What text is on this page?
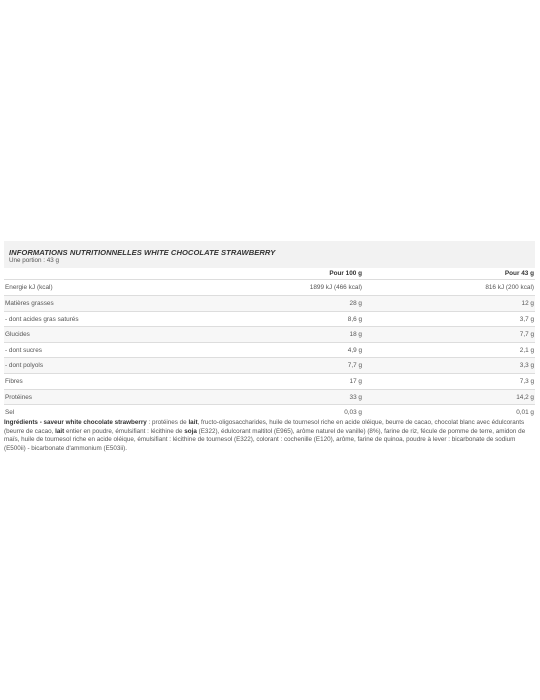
INFORMATIONS NUTRITIONNELLES WHITE CHOCOLATE STRAWBERRY
Une portion : 43 g
	Pour 100 g	Pour 43 g
Energie kJ (kcal)	1899 kJ (466 kcal)	816 kJ (200 kcal)
Matières grasses	28 g	12 g
- dont acides gras saturés	8,6 g	3,7 g
Glucides	18 g	7,7 g
- dont sucres	4,9 g	2,1 g
- dont polyols	7,7 g	3,3 g
Fibres	17 g	7,3 g
Protéines	33 g	14,2 g
Sel	0,03 g	0,01 g
Ingrédients - saveur white chocolate strawberry : protéines de lait, fructo-oligosaccharides, huile de tournesol riche en acide oléique, beurre de cacao, chocolat blanc avec édulcorants (beurre de cacao, lait entier en poudre, émulsifiant : lécithine de soja (E322), édulcorant maltitol (E965), arôme naturel de vanille) (8%), farine de riz, fécule de pomme de terre, amidon de maïs, huile de tournesol riche en acide oléique, émulsifiant : lécithine de tournesol (E322), colorant : cochenille (E120), arôme, farine de quinoa, poudre à lever : bicarbonate de sodium (E500ii) - bicarbonate d'ammonium (E503ii).
